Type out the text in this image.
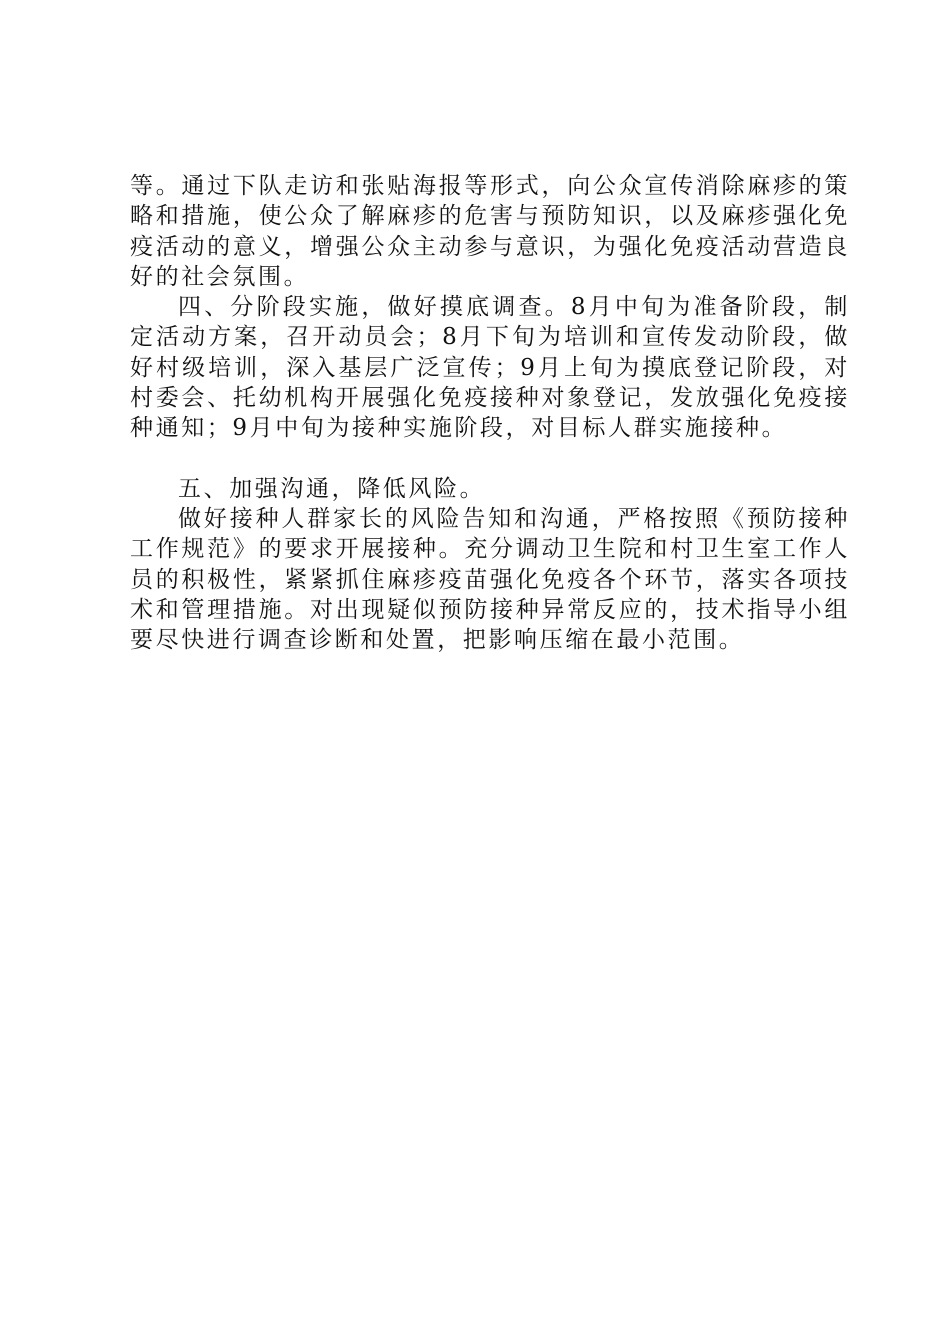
等。通过下队走访和张贴海报等形式，向公众宣传消除麻疹的策略和措施，使公众了解麻疹的危害与预防知识，以及麻疹强化免疫活动的意义，增强公众主动参与意识，为强化免疫活动营造良好的社会氛围。

四、分阶段实施，做好摸底调查。8月中旬为准备阶段，制定活动方案，召开动员会；8月下旬为培训和宣传发动阶段，做好村级培训，深入基层广泛宣传；9月上旬为摸底登记阶段，对村委会、托幼机构开展强化免疫接种对象登记，发放强化免疫接种通知；9月中旬为接种实施阶段，对目标人群实施接种。

五、加强沟通，降低风险。

做好接种人群家长的风险告知和沟通，严格按照《预防接种工作规范》的要求开展接种。充分调动卫生院和村卫生室工作人员的积极性，紧紧抓住麻疹疫苗强化免疫各个环节，落实各项技术和管理措施。对出现疑似预防接种异常反应的，技术指导小组要尽快进行调查诊断和处置，把影响压缩在最小范围。
